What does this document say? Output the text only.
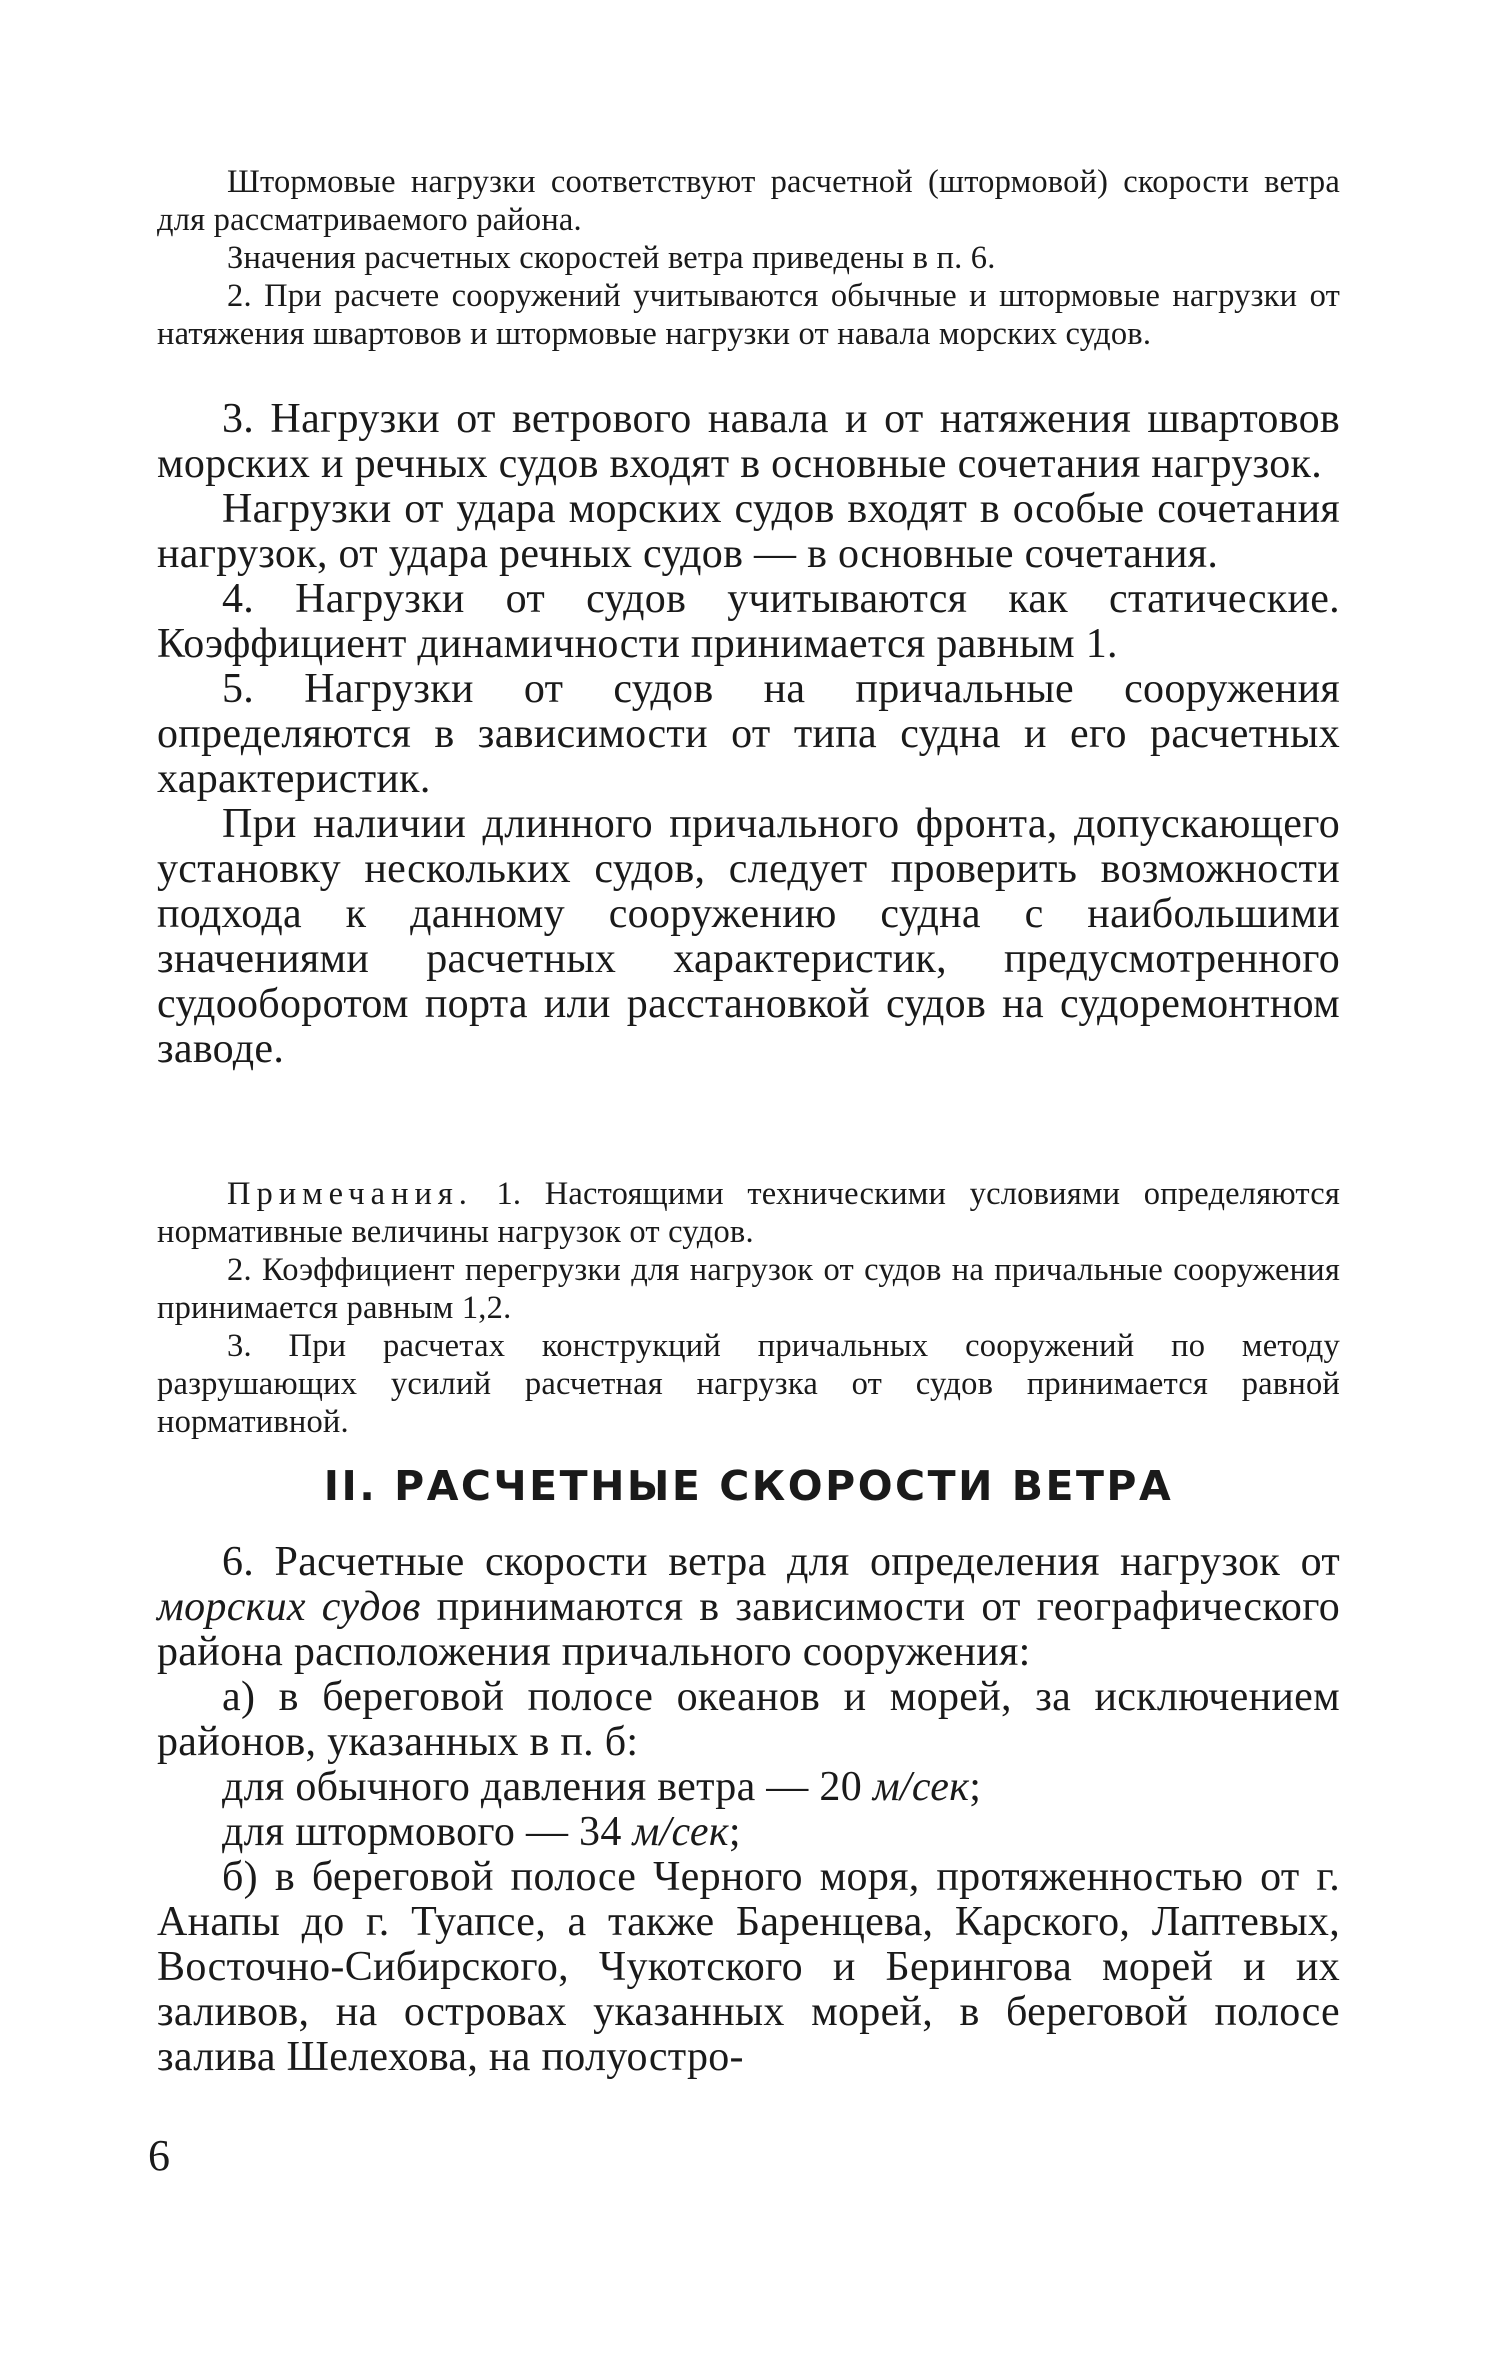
Штормовые нагрузки соответствуют расчетной (штормовой) скорости ветра для рассматриваемого района.

Значения расчетных скоростей ветра приведены в п. 6.

2. При расчете сооружений учитываются обычные и штормовые нагрузки от натяжения швартовов и штормовые нагрузки от навала морских судов.

3. Нагрузки от ветрового навала и от натяжения швартовов морских и речных судов входят в основные сочетания нагрузок.

Нагрузки от удара морских судов входят в особые сочетания нагрузок, от удара речных судов — в основные сочетания.

4. Нагрузки от судов учитываются как статические. Коэффициент динамичности принимается равным 1.

5. Нагрузки от судов на причальные сооружения определяются в зависимости от типа судна и его расчетных характеристик.

При наличии длинного причального фронта, допускающего установку нескольких судов, следует проверить возможности подхода к данному сооружению судна с наибольшими значениями расчетных характеристик, предусмотренного судооборотом порта или расстановкой судов на судоремонтном заводе.

Примечания. 1. Настоящими техническими условиями определяются нормативные величины нагрузок от судов.

2. Коэффициент перегрузки для нагрузок от судов на причальные сооружения принимается равным 1,2.

3. При расчетах конструкций причальных сооружений по методу разрушающих усилий расчетная нагрузка от судов принимается равной нормативной.

II. РАСЧЕТНЫЕ СКОРОСТИ ВЕТРА

6. Расчетные скорости ветра для определения нагрузок от морских судов принимаются в зависимости от географического района расположения причального сооружения:

а) в береговой полосе океанов и морей, за исключением районов, указанных в п. б:

для обычного давления ветра — 20 м/сек;

для штормового — 34 м/сек;

б) в береговой полосе Черного моря, протяженностью от г. Анапы до г. Туапсе, а также Баренцева, Карского, Лаптевых, Восточно-Сибирского, Чукотского и Берингова морей и их заливов, на островах указанных морей, в береговой полосе залива Шелехова, на полуостро-

6
